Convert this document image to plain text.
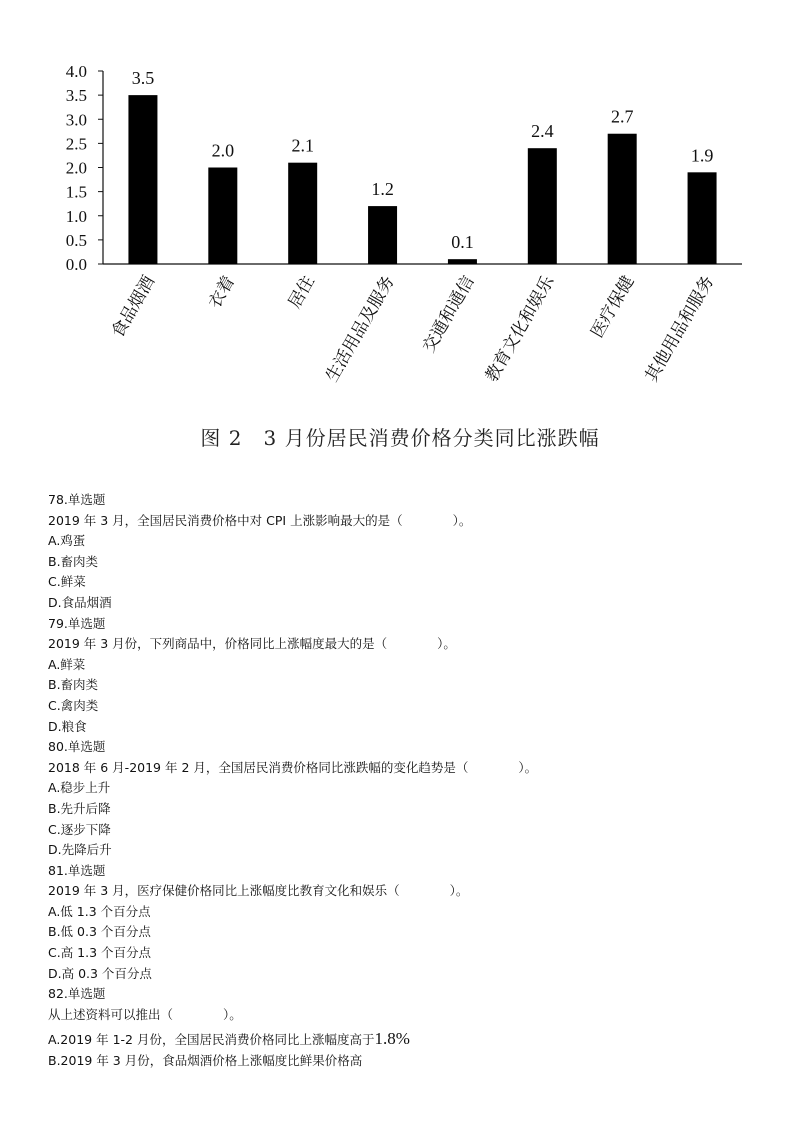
0.0
0.5
1.0
1.5
2.0
2.5
3.0
3.5
4.0 3.5
2.0	2.1
1.2
0.1
2.4
2.7
1.9
食品烟酒	衣着	居住 生活用品及服务 交通和通信 教育文化和娱乐 医疗保健 其他用品和服务
图 2　3 月份居民消费价格分类同比涨跌幅
78.单选题
2019 年 3 月，全国居民消费价格中对 CPI 上涨影响最大的是（　　　　）。
A.鸡蛋
B.畜肉类
C.鲜菜
D.食品烟酒
79.单选题
2019 年 3 月份，下列商品中，价格同比上涨幅度最大的是（　　　　）。
A.鲜菜
B.畜肉类
C.禽肉类
D.粮食
80.单选题
2018 年 6 月-2019 年 2 月，全国居民消费价格同比涨跌幅的变化趋势是（　　　　）。
A.稳步上升
B.先升后降
C.逐步下降
D.先降后升
81.单选题
2019 年 3 月，医疗保健价格同比上涨幅度比教育文化和娱乐（　　　　）。
A.低 1.3 个百分点
B.低 0.3 个百分点
C.高 1.3 个百分点
D.高 0.3 个百分点
82.单选题
从上述资料可以推出（　　　　）。
A.2019 年 1-2 月份，全国居民消费价格同比上涨幅度高于1.8%
B.2019 年 3 月份，食品烟酒价格上涨幅度比鲜果价格高
